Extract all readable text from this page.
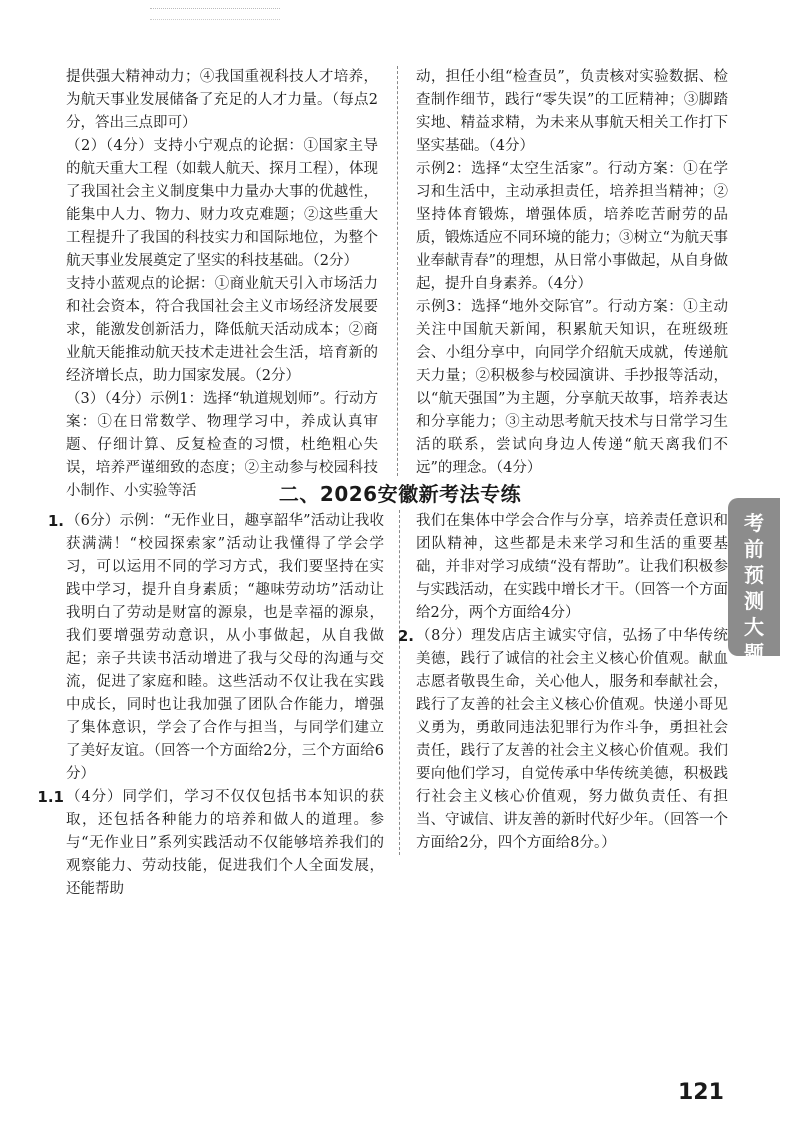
提供强大精神动力；④我国重视科技人才培养，为航天事业发展储备了充足的人才力量。（每点2分，答出三点即可）

（2）（4分）支持小宁观点的论据：①国家主导的航天重大工程（如载人航天、探月工程），体现了我国社会主义制度集中力量办大事的优越性，能集中人力、物力、财力攻克难题；②这些重大工程提升了我国的科技实力和国际地位，为整个航天事业发展奠定了坚实的科技基础。（2分）

支持小蓝观点的论据：①商业航天引入市场活力和社会资本，符合我国社会主义市场经济发展要求，能激发创新活力，降低航天活动成本；②商业航天能推动航天技术走进社会生活，培育新的经济增长点，助力国家发展。（2分）

（3）（4分）示例1：选择“轨道规划师”。行动方案：①在日常数学、物理学习中，养成认真审题、仔细计算、反复检查的习惯，杜绝粗心失误，培养严谨细致的态度；②主动参与校园科技小制作、小实验等活

动，担任小组“检查员”，负责核对实验数据、检查制作细节，践行“零失误”的工匠精神；③脚踏实地、精益求精，为未来从事航天相关工作打下坚实基础。（4分）

示例2：选择“太空生活家”。行动方案：①在学习和生活中，主动承担责任，培养担当精神；②坚持体育锻炼，增强体质，培养吃苦耐劳的品质，锻炼适应不同环境的能力；③树立“为航天事业奉献青春”的理想，从日常小事做起，从自身做起，提升自身素养。（4分）

示例3：选择“地外交际官”。行动方案：①主动关注中国航天新闻，积累航天知识，在班级班会、小组分享中，向同学介绍航天成就，传递航天力量；②积极参与校园演讲、手抄报等活动，以“航天强国”为主题，分享航天故事，培养表达和分享能力；③主动思考航天技术与日常学习生活的联系，尝试向身边人传递“航天离我们不远”的理念。（4分）

二、2026安徽新考法专练

1. （6分）示例：“无作业日，趣享韶华”活动让我收获满满！“校园探索家”活动让我懂得了学会学习，可以运用不同的学习方式，我们要坚持在实践中学习，提升自身素质；“趣味劳动坊”活动让我明白了劳动是财富的源泉，也是幸福的源泉，我们要增强劳动意识，从小事做起，从自我做起；亲子共读书活动增进了我与父母的沟通与交流，促进了家庭和睦。这些活动不仅让我在实践中成长，同时也让我加强了团队合作能力，增强了集体意识，学会了合作与担当，与同学们建立了美好友谊。（回答一个方面给2分，三个方面给6分）

1.1 （4分）同学们，学习不仅仅包括书本知识的获取，还包括各种能力的培养和做人的道理。参与“无作业日”系列实践活动不仅能够培养我们的观察能力、劳动技能，促进我们个人全面发展，还能帮助

我们在集体中学会合作与分享，培养责任意识和团队精神，这些都是未来学习和生活的重要基础，并非对学习成绩“没有帮助”。让我们积极参与实践活动，在实践中增长才干。（回答一个方面给2分，两个方面给4分）

2. （8分）理发店店主诚实守信，弘扬了中华传统美德，践行了诚信的社会主义核心价值观。献血志愿者敬畏生命，关心他人，服务和奉献社会，践行了友善的社会主义核心价值观。快递小哥见义勇为，勇敢同违法犯罪行为作斗争，勇担社会责任，践行了友善的社会主义核心价值观。我们要向他们学习，自觉传承中华传统美德，积极践行社会主义核心价值观，努力做负责任、有担当、守诚信、讲友善的新时代好少年。（回答一个方面给2分，四个方面给8分。）

考前预测大题
121
